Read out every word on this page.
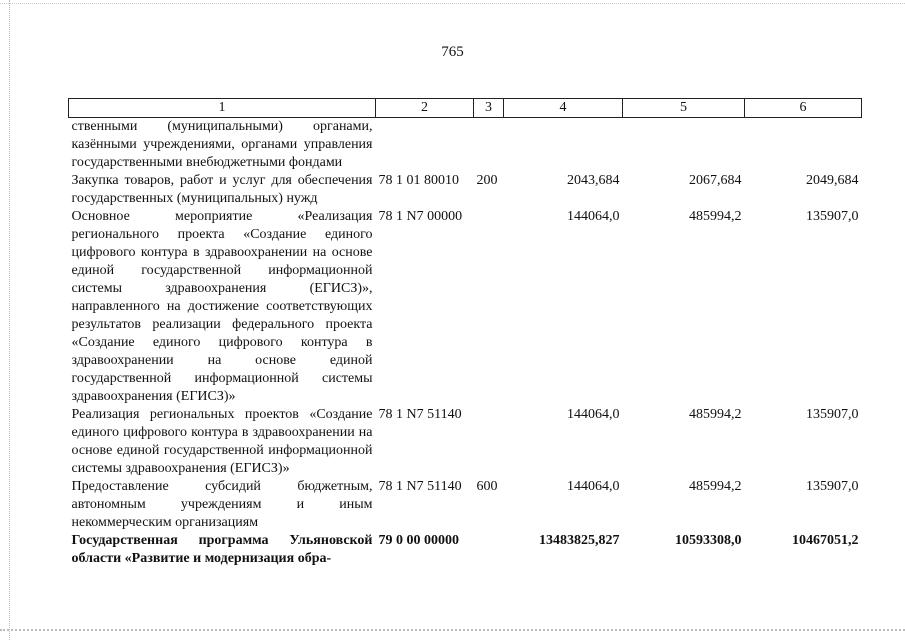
765
1	2	3	4	5	6
ственными (муниципальными) органами, казёнными учреждениями, органами управления государственными внебюджетными фондами					
Закупка товаров, работ и услуг для обеспечения государственных (муниципальных) нужд	78 1 01 80010	200	2043,684	2067,684	2049,684
Основное мероприятие «Реализация регионального проекта «Создание единого цифрового контура в здравоохранении на основе единой государственной информационной системы здравоохранения (ЕГИСЗ)», направленного на достижение соответствующих результатов реализации федерального проекта «Создание единого цифрового контура в здравоохранении на основе единой государственной информационной системы здравоохранения (ЕГИСЗ)»	78 1 N7 00000		144064,0	485994,2	135907,0
Реализация региональных проектов «Создание единого цифрового контура в здравоохранении на основе единой государственной информационной системы здравоохранения (ЕГИСЗ)»	78 1 N7 51140		144064,0	485994,2	135907,0
Предоставление субсидий бюджетным, автономным учреждениям и иным некоммерческим организациям	78 1 N7 51140	600	144064,0	485994,2	135907,0
Государственная программа Ульяновской области «Развитие и модернизация обра-	79 0 00 00000		13483825,827	10593308,0	10467051,2
